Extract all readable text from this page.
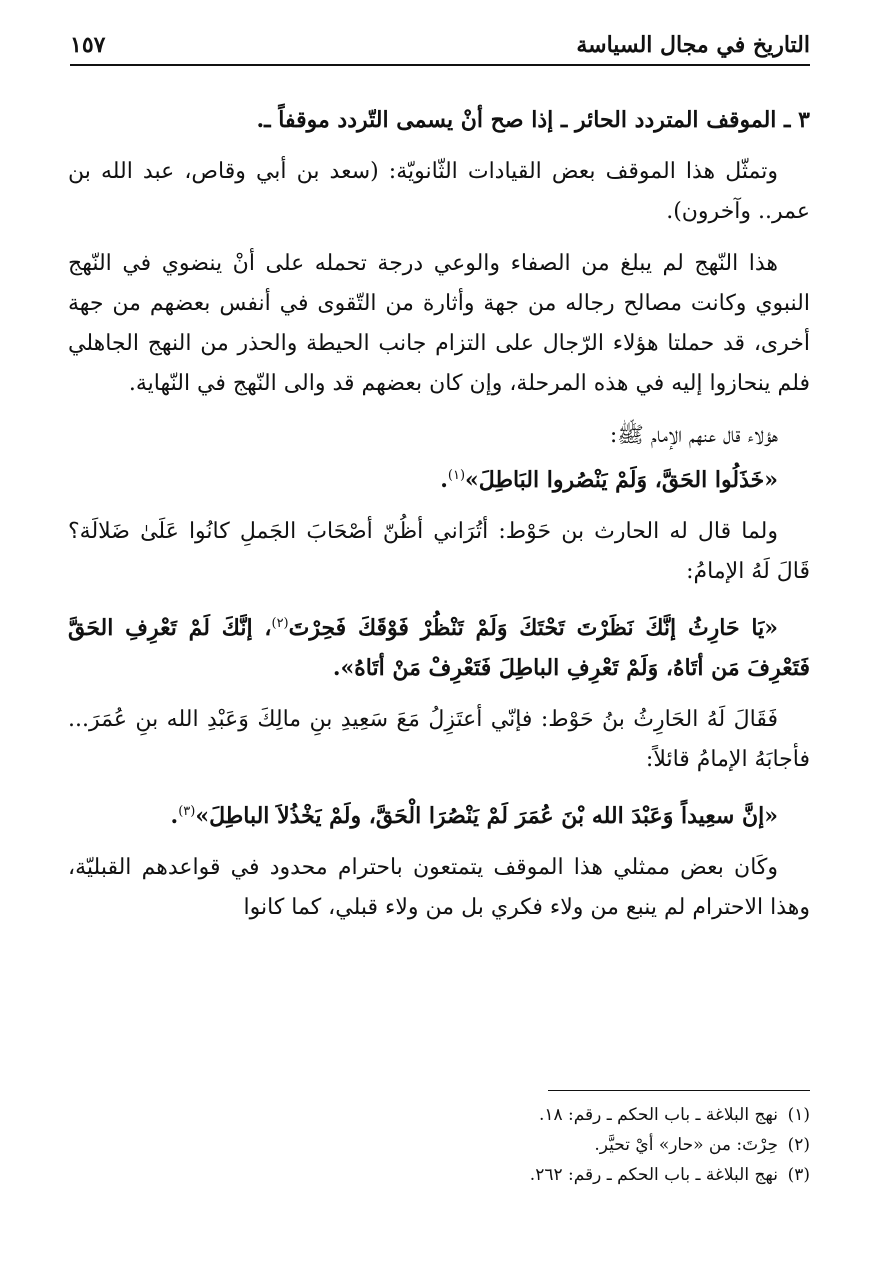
التاريخ في مجال السياسة
١٥٧

٣ ـ الموقف المتردد الحائر ـ إذا صح أنْ يسمى التّردد موقفاً ـ.

وتمثّل هذا الموقف بعض القيادات الثّانويّة: (سعد بن أبي وقاص، عبد الله بن عمر.. وآخرون).

هذا النّهج لم يبلغ من الصفاء والوعي درجة تحمله على أنْ ينضوي في النّهج النبوي وكانت مصالح رجاله من جهة وأثارة من التّقوى في أنفس بعضهم من جهة أخرى، قد حملتا هؤلاء الرّجال على التزام جانب الحيطة والحذر من النهج الجاهلي فلم ينحازوا إليه في هذه المرحلة، وإن كان بعضهم قد والى النّهج في النّهاية.

هؤلاء قال عنهم الإمام ﷺ:

«خَذَلُوا الحَقَّ، وَلَمْ يَنْصُروا البَاطِلَ»$^{(١)}$.

ولما قال له الحارث بن حَوْط: أتُرَاني أظُنّ أصْحَابَ الجَملِ كانُوا عَلَىٰ ضَلالَة؟ قَالَ لَهُ الإمامُ:

«يَا حَارِثُ إنَّكَ نَظَرْتَ تَحْتَكَ وَلَمْ تَنْظُرْ فَوْقَكَ فَحِرْتَ$^{(٢)}$، إنَّكَ لَمْ تَعْرِفِ الحَقَّ فَتَعْرِفَ مَن أتَاهُ، وَلَمْ تَعْرِفِ الباطِلَ فَتَعْرِفْ مَنْ أتَاهُ».

فَقَالَ لَهُ الحَارِثُ بنُ حَوْط: فإنّي أعتَزِلُ مَعَ سَعِيدِ بنِ مالِكَ وَعَبْدِ الله بنِ عُمَرَ... فأجابَهُ الإمامُ قائلاً:

«إنَّ سعِيداً وَعَبْدَ الله بْنَ عُمَرَ لَمْ يَنْصُرَا الْحَقَّ، ولَمْ يَخْذُلاَ الباطِلَ»$^{(٣)}$.

وكَان بعض ممثلي هذا الموقف يتمتعون باحترام محدود في قواعدهم القبليّة، وهذا الاحترام لم ينبع من ولاء فكري بل من ولاء قبلي، كما كانوا

(١)نهج البلاغة ـ باب الحكم ـ رقم: ١٨.
(٢)حِرْتَ: من «حار» أيْ تحيَّر.
(٣)نهج البلاغة ـ باب الحكم ـ رقم: ٢٦٢.
